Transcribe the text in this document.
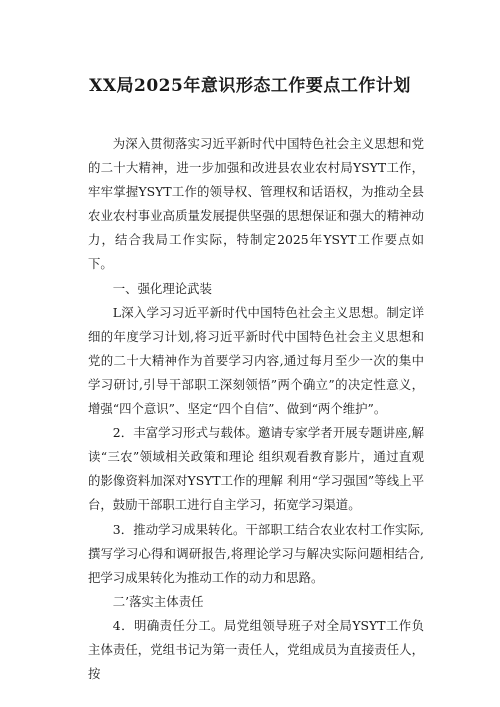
XX局2025年意识形态工作要点工作计划

为深入贯彻落实习近平新时代中国特色社会主义思想和党的二十大精神，进一步加强和改进县农业农村局YSYT工作，牢牢掌握YSYT工作的领导权、管理权和话语权，为推动全县农业农村事业高质量发展提供坚强的思想保证和强大的精神动力，结合我局工作实际，特制定2025年YSYT工作要点如下。

一、强化理论武装

L深入学习习近平新时代中国特色社会主义思想。制定详细的年度学习计划,将习近平新时代中国特色社会主义思想和党的二十大精神作为首要学习内容,通过每月至少一次的集中学习研讨,引导干部职工深刻领悟”两个确立”的决定性意义，增强“四个意识”、坚定“四个自信”、做到“两个维护”。

2．丰富学习形式与载体。邀请专家学者开展专题讲座,解读“三农”领域相关政策和理论 组织观看教育影片，通过直观的影像资料加深对YSYT工作的理解 利用“学习强国”等线上平台，鼓励干部职工进行自主学习，拓宽学习渠道。

3．推动学习成果转化。干部职工结合农业农村工作实际,撰写学习心得和调研报告,将理论学习与解决实际问题相结合,把学习成果转化为推动工作的动力和思路。

二’落实主体责任

4．明确责任分工。局党组领导班子对全局YSYT工作负主体责任，党组书记为第一责任人，党组成员为直接责任人，按
